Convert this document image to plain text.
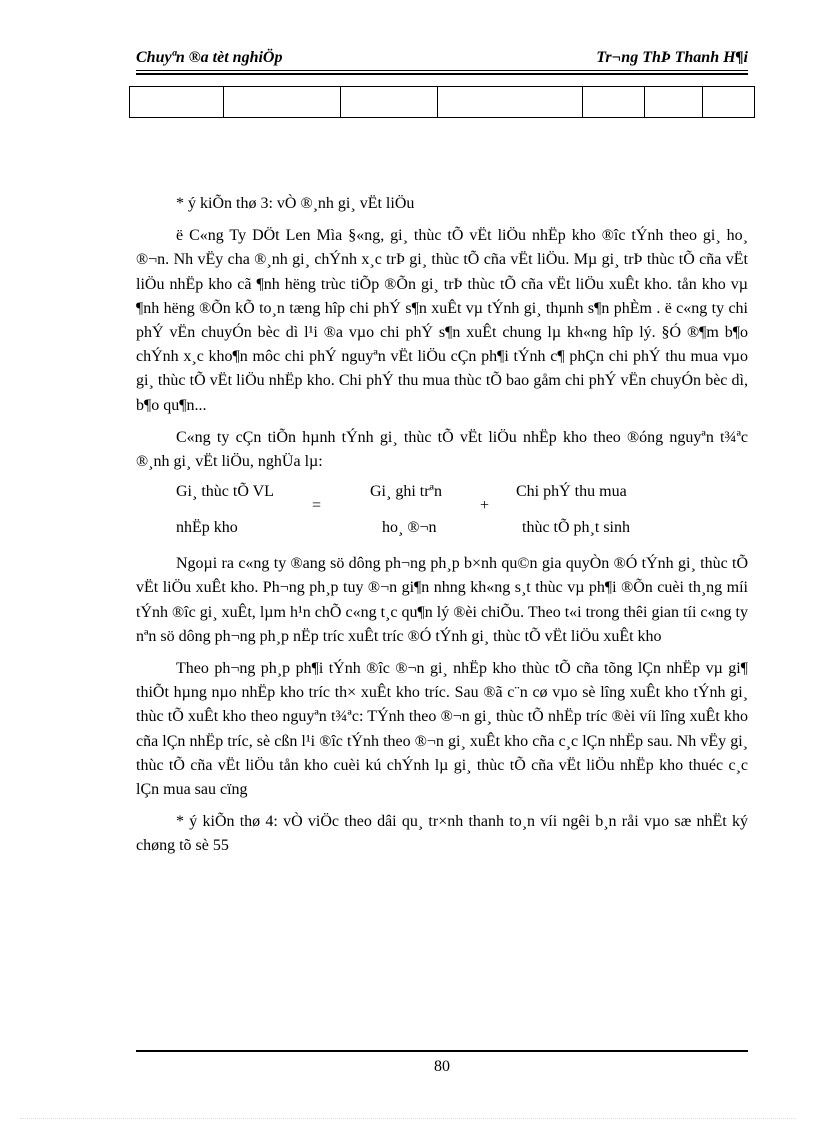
Chuyªn ®a tèt nghiÖp	Tr¬ng ThÞ Thanh H¶i

* ý kiÕn thø 3: vÒ ®¸nh gi¸ vËt liÖu

ë C«ng Ty DÖt Len Mìa §«ng, gi¸ thùc tÕ vËt liÖu nhËp kho ®îc tÝnh theo gi¸ ho¸ ®¬n. Nh vËy cha ®¸nh gi¸ chÝnh x¸c trÞ gi¸ thùc tÕ cña vËt liÖu. Mµ gi¸ trÞ thùc tÕ cña vËt liÖu nhËp kho cã ¶nh hëng trùc tiÕp ®Õn gi¸ trÞ thùc tÕ cña vËt liÖu xuÊt kho. tån kho vµ ¶nh hëng ®Õn kÕ to¸n tæng hîp chi phÝ s¶n xuÊt vµ tÝnh gi¸ thµnh s¶n phÈm . ë c«ng ty chi phÝ vËn chuyÓn bèc dì l¹i ®a vµo chi phÝ s¶n xuÊt chung lµ kh«ng hîp lý. §Ó ®¶m b¶o chÝnh x¸c kho¶n môc chi phÝ nguyªn vËt liÖu cÇn ph¶i tÝnh c¶ phÇn chi phÝ thu mua vµo gi¸ thùc tÕ vËt liÖu nhËp kho. Chi phÝ thu mua thùc tÕ bao gåm chi phÝ vËn chuyÓn bèc dì, b¶o qu¶n...

C«ng ty cÇn tiÕn hµnh tÝnh gi¸ thùc tÕ vËt liÖu nhËp kho theo ®óng nguyªn t¾ªc ®¸nh gi¸ vËt liÖu, nghÜa lµ:

Gi¸ thùc tÕ VL
nhËp kho
=
Gi¸ ghi trªn
ho¸ ®¬n
+
Chi phÝ thu mua
thùc tÕ ph¸t sinh

Ngoµi ra c«ng ty ®ang sö dông ph¬ng ph¸p b×nh qu©n gia quyÒn ®Ó tÝnh gi¸ thùc tÕ vËt liÖu xuÊt kho. Ph¬ng ph¸p tuy ®¬n gi¶n nhng kh«ng s¸t thùc vµ ph¶i ®Õn cuèi th¸ng míi tÝnh ®îc gi¸ xuÊt, lµm h¹n chÕ c«ng t¸c qu¶n lý ®èi chiÕu. Theo t«i trong thêi gian tíi c«ng ty nªn sö dông ph¬ng ph¸p nËp tríc xuÊt tríc ®Ó tÝnh gi¸ thùc tÕ vËt liÖu xuÊt kho

Theo ph¬ng ph¸p ph¶i tÝnh ®îc ®¬n gi¸ nhËp kho thùc tÕ cña tõng lÇn nhËp vµ gi¶ thiÕt hµng nµo nhËp kho tríc th× xuÊt kho tríc. Sau ®ã c¨n cø vµo sè lîng xuÊt kho tÝnh gi¸ thùc tÕ xuÊt kho theo nguyªn t¾ªc: TÝnh theo ®¬n gi¸ thùc tÕ nhËp tríc ®èi víi lîng xuÊt kho cña lÇn nhËp tríc, sè cßn l¹i ®îc tÝnh theo ®¬n gi¸ xuÊt kho cña c¸c lÇn nhËp sau. Nh vËy gi¸ thùc tÕ cña vËt liÖu tån kho cuèi kú chÝnh lµ gi¸ thùc tÕ cña vËt liÖu nhËp kho thuéc c¸c lÇn mua sau cïng

* ý kiÕn thø 4: vÒ viÖc theo dâi qu¸ tr×nh thanh to¸n víi ngêi b¸n råi vµo sæ nhËt ký chøng tõ sè 55

80
